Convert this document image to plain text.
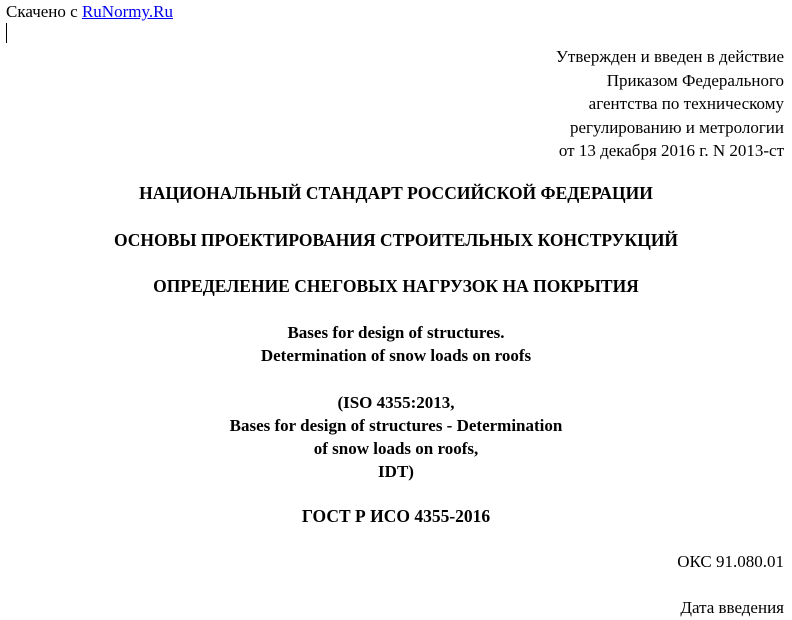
Скачено с RuNormy.Ru
Утвержден и введен в действие
Приказом Федерального
агентства по техническому
регулированию и метрологии
от 13 декабря 2016 г. N 2013-ст
НАЦИОНАЛЬНЫЙ СТАНДАРТ РОССИЙСКОЙ ФЕДЕРАЦИИ
ОСНОВЫ ПРОЕКТИРОВАНИЯ СТРОИТЕЛЬНЫХ КОНСТРУКЦИЙ
ОПРЕДЕЛЕНИЕ СНЕГОВЫХ НАГРУЗОК НА ПОКРЫТИЯ
Bases for design of structures.
Determination of snow loads on roofs
(ISO 4355:2013,
Bases for design of structures - Determination
of snow loads on roofs,
IDT)
ГОСТ Р ИСО 4355-2016
ОКС 91.080.01
Дата введения
